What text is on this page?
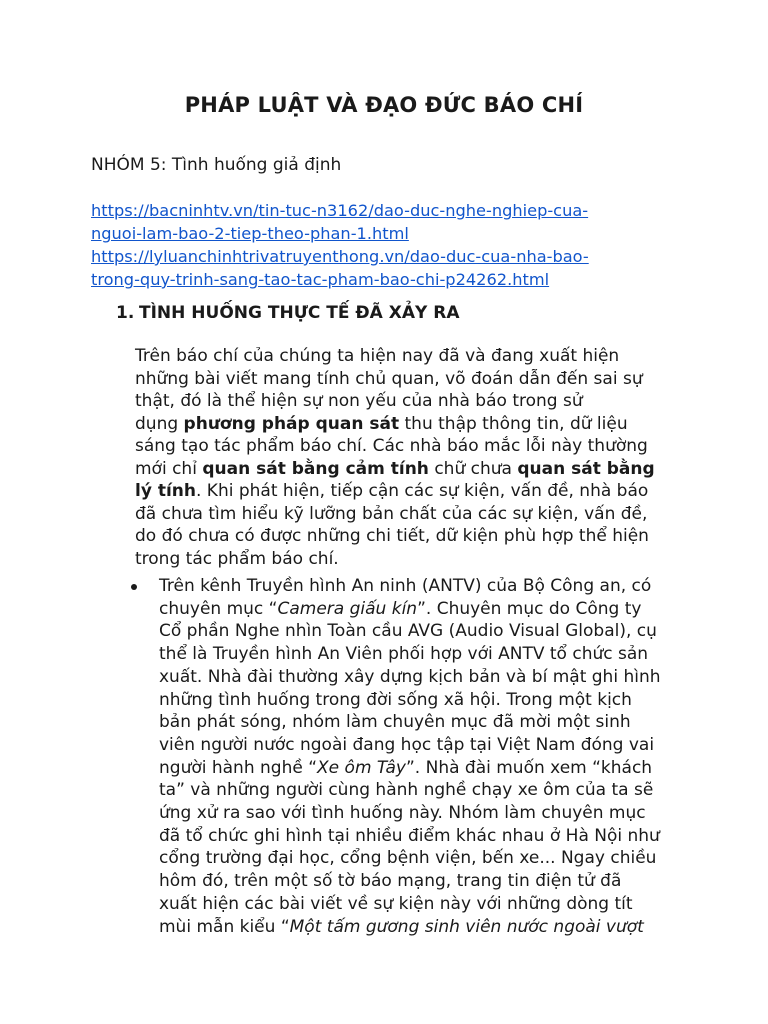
PHÁP LUẬT VÀ ĐẠO ĐỨC BÁO CHÍ

NHÓM 5: Tình huống giả định

https://bacninhtv.vn/tin-tuc-n3162/dao-duc-nghe-nghiep-cua-
nguoi-lam-bao-2-tiep-theo-phan-1.html
https://lyluanchinhtrivatruyenthong.vn/dao-duc-cua-nha-bao-
trong-quy-trinh-sang-tao-tac-pham-bao-chi-p24262.html
1. TÌNH HUỐNG THỰC TẾ ĐÃ XẢY RA

Trên báo chí của chúng ta hiện nay đã và đang xuất hiện
những bài viết mang tính chủ quan, võ đoán dẫn đến sai sự
thật, đó là thể hiện sự non yếu của nhà báo trong sử
dụng phương pháp quan sát thu thập thông tin, dữ liệu
sáng tạo tác phẩm báo chí. Các nhà báo mắc lỗi này thường
mới chỉ quan sát bằng cảm tính chữ chưa quan sát bằng
lý tính. Khi phát hiện, tiếp cận các sự kiện, vấn đề, nhà báo
đã chưa tìm hiểu kỹ lưỡng bản chất của các sự kiện, vấn đề,
do đó chưa có được những chi tiết, dữ kiện phù hợp thể hiện
trong tác phẩm báo chí.

Trên kênh Truyền hình An ninh (ANTV) của Bộ Công an, có
chuyên mục “Camera giấu kín”. Chuyên mục do Công ty
Cổ phần Nghe nhìn Toàn cầu AVG (Audio Visual Global), cụ
thể là Truyền hình An Viên phối hợp với ANTV tổ chức sản
xuất. Nhà đài thường xây dựng kịch bản và bí mật ghi hình
những tình huống trong đời sống xã hội. Trong một kịch
bản phát sóng, nhóm làm chuyên mục đã mời một sinh
viên người nước ngoài đang học tập tại Việt Nam đóng vai
người hành nghề “Xe ôm Tây”. Nhà đài muốn xem “khách
ta” và những người cùng hành nghề chạy xe ôm của ta sẽ
ứng xử ra sao với tình huống này. Nhóm làm chuyên mục
đã tổ chức ghi hình tại nhiều điểm khác nhau ở Hà Nội như
cổng trường đại học, cổng bệnh viện, bến xe... Ngay chiều
hôm đó, trên một số tờ báo mạng, trang tin điện tử đã
xuất hiện các bài viết về sự kiện này với những dòng tít
mùi mẫn kiểu “Một tấm gương sinh viên nước ngoài vượt
